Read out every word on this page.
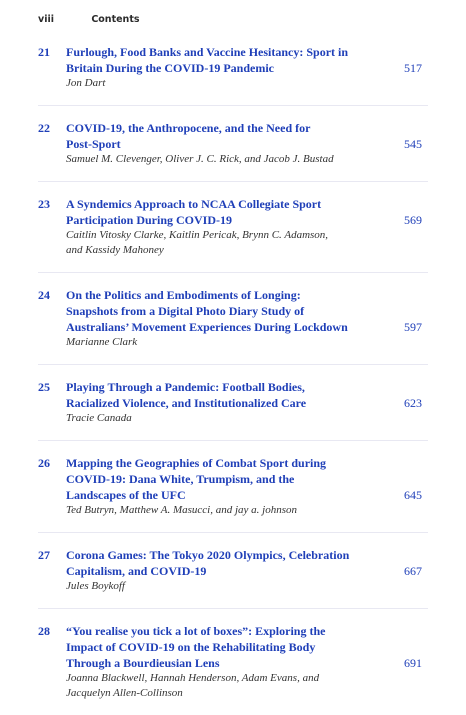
viii	Contents
21	Furlough, Food Banks and Vaccine Hesitancy: Sport in
Britain During the COVID-19 Pandemic
Jon Dart
517
22	COVID-19, the Anthropocene, and the Need for
Post-Sport
Samuel M. Clevenger, Oliver J. C. Rick, and Jacob J. Bustad
545
23	A Syndemics Approach to NCAA Collegiate Sport
Participation During COVID-19
Caitlin Vitosky Clarke, Kaitlin Pericak, Brynn C. Adamson,
and Kassidy Mahoney
569
24	On the Politics and Embodiments of Longing:
Snapshots from a Digital Photo Diary Study of
Australians’ Movement Experiences During Lockdown
Marianne Clark
597
25	Playing Through a Pandemic: Football Bodies,
Racialized Violence, and Institutionalized Care
Tracie Canada
623
26	Mapping the Geographies of Combat Sport during
COVID-19: Dana White, Trumpism, and the
Landscapes of the UFC
Ted Butryn, Matthew A. Masucci, and jay a. johnson
645
27	Corona Games: The Tokyo 2020 Olympics, Celebration
Capitalism, and COVID-19
Jules Boykoff
667
28	“You realise you tick a lot of boxes”: Exploring the
Impact of COVID-19 on the Rehabilitating Body
Through a Bourdieusian Lens
Joanna Blackwell, Hannah Henderson, Adam Evans, and
Jacquelyn Allen-Collinson
691
